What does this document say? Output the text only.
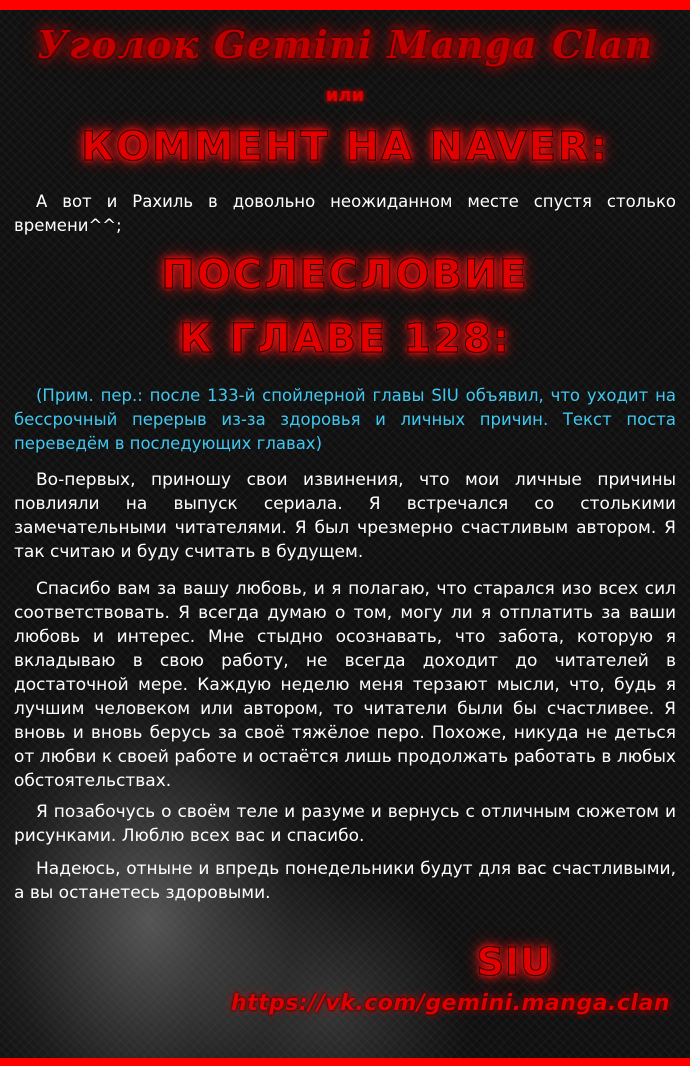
Уголок Gemini Manga Clan
или
КОММЕНТ НА NAVER:
А вот и Рахиль в довольно неожиданном месте спустя столько времени^^;
ПОСЛЕСЛОВИЕ
К ГЛАВЕ 128:
(Прим. пер.: после 133-й спойлерной главы SIU объявил, что уходит на бессрочный перерыв из-за здоровья и личных причин. Текст поста переведём в последующих главах)
Во-первых, приношу свои извинения, что мои личные причины повлияли на выпуск сериала. Я встречался со столькими замечательными читателями. Я был чрезмерно счастливым автором. Я так считаю и буду считать в будущем.
Спасибо вам за вашу любовь, и я полагаю, что старался изо всех сил соответствовать. Я всегда думаю о том, могу ли я отплатить за ваши любовь и интерес. Мне стыдно осознавать, что забота, которую я вкладываю в свою работу, не всегда доходит до читателей в достаточной мере. Каждую неделю меня терзают мысли, что, будь я лучшим человеком или автором, то читатели были бы счастливее. Я вновь и вновь берусь за своё тяжёлое перо. Похоже, никуда не деться от любви к своей работе и остаётся лишь продолжать работать в любых обстоятельствах.
Я позабочусь о своём теле и разуме и вернусь с отличным сюжетом и рисунками. Люблю всех вас и спасибо.
Надеюсь, отныне и впредь понедельники будут для вас счастливыми, а вы останетесь здоровыми.
SIU
https://vk.com/gemini.manga.clan
